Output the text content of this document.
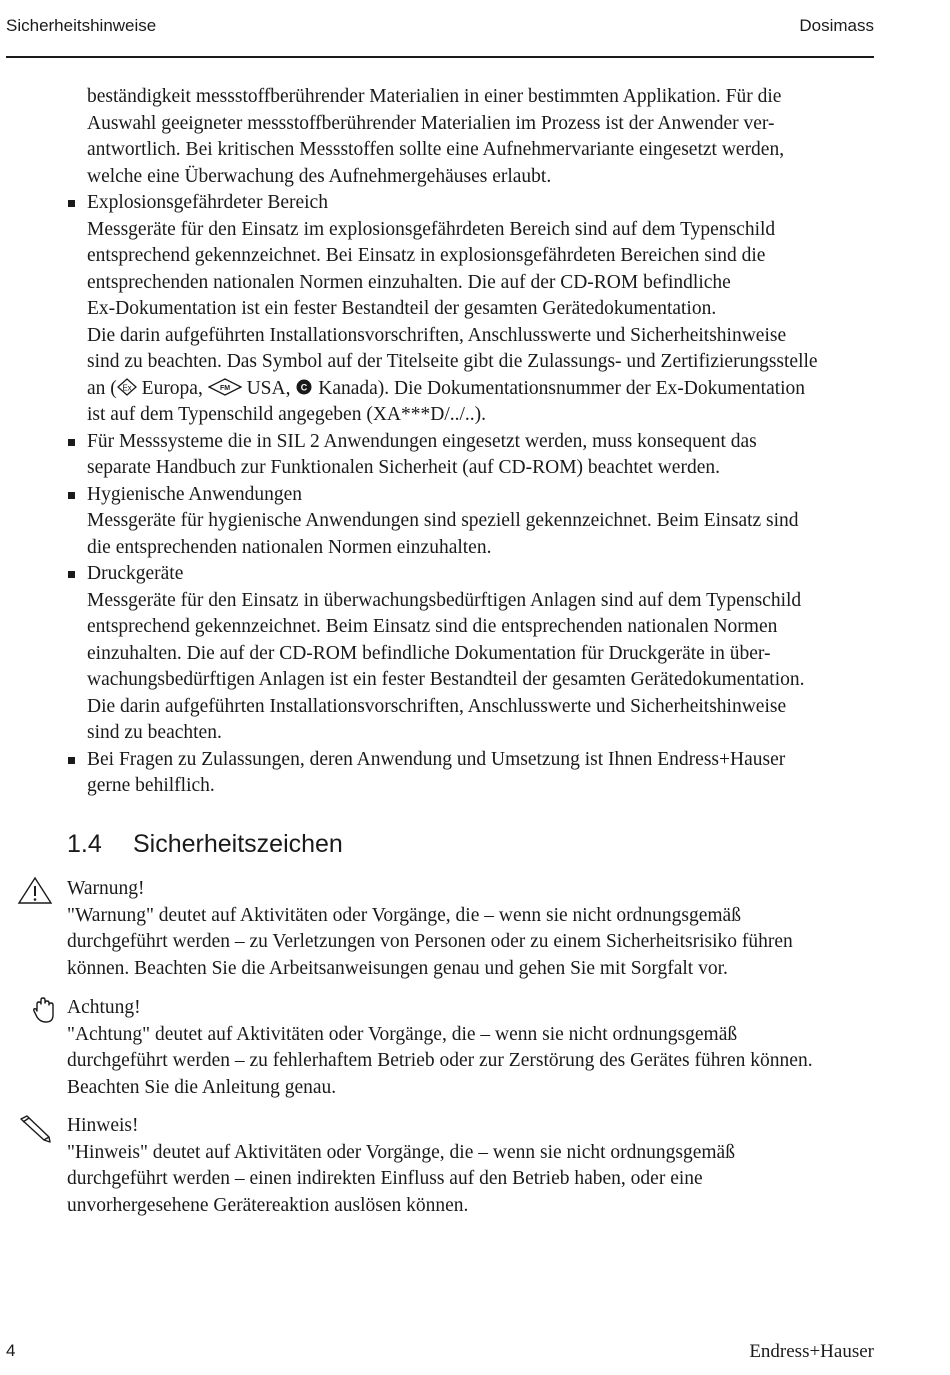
Sicherheitshinweise	Dosimass

beständigkeit messstoffberührender Materialien in einer bestimmten Applikation. Für die

Auswahl geeigneter messstoffberührender Materialien im Prozess ist der Anwender ver-

antwortlich. Bei kritischen Messstoffen sollte eine Aufnehmervariante eingesetzt werden,

welche eine Überwachung des Aufnehmergehäuses erlaubt.

Explosionsgefährdeter Bereich

Messgeräte für den Einsatz im explosionsgefährdeten Bereich sind auf dem Typenschild

entsprechend gekennzeichnet. Bei Einsatz in explosionsgefährdeten Bereichen sind die

entsprechenden nationalen Normen einzuhalten. Die auf der CD-ROM befindliche

Ex-Dokumentation ist ein fester Bestandteil der gesamten Gerätedokumentation.

Die darin aufgeführten Installationsvorschriften, Anschlusswerte und Sicherheitshinweise

sind zu beachten. Das Symbol auf der Titelseite gibt die Zulassungs- und Zertifizierungsstelle

an ( Ex Europa, FM USA, C Kanada). Die Dokumentationsnummer der Ex-Dokumentation

ist auf dem Typenschild angegeben (XA***D/../..).

Für Messsysteme die in SIL 2 Anwendungen eingesetzt werden, muss konsequent das

separate Handbuch zur Funktionalen Sicherheit (auf CD-ROM) beachtet werden.

Hygienische Anwendungen

Messgeräte für hygienische Anwendungen sind speziell gekennzeichnet. Beim Einsatz sind

die entsprechenden nationalen Normen einzuhalten.

Druckgeräte

Messgeräte für den Einsatz in überwachungsbedürftigen Anlagen sind auf dem Typenschild

entsprechend gekennzeichnet. Beim Einsatz sind die entsprechenden nationalen Normen

einzuhalten. Die auf der CD-ROM befindliche Dokumentation für Druckgeräte in über-

wachungsbedürftigen Anlagen ist ein fester Bestandteil der gesamten Gerätedokumentation.

Die darin aufgeführten Installationsvorschriften, Anschlusswerte und Sicherheitshinweise

sind zu beachten.

Bei Fragen zu Zulassungen, deren Anwendung und Umsetzung ist Ihnen Endress+Hauser

gerne behilflich.

1.4 Sicherheitszeichen

Warnung!

"Warnung" deutet auf Aktivitäten oder Vorgänge, die – wenn sie nicht ordnungsgemäß

durchgeführt werden – zu Verletzungen von Personen oder zu einem Sicherheitsrisiko führen

können. Beachten Sie die Arbeitsanweisungen genau und gehen Sie mit Sorgfalt vor.

Achtung!

"Achtung" deutet auf Aktivitäten oder Vorgänge, die – wenn sie nicht ordnungsgemäß

durchgeführt werden – zu fehlerhaftem Betrieb oder zur Zerstörung des Gerätes führen können.

Beachten Sie die Anleitung genau.

Hinweis!

"Hinweis" deutet auf Aktivitäten oder Vorgänge, die – wenn sie nicht ordnungsgemäß

durchgeführt werden – einen indirekten Einfluss auf den Betrieb haben, oder eine

unvorhergesehene Gerätereaktion auslösen können.

4	Endress+Hauser
